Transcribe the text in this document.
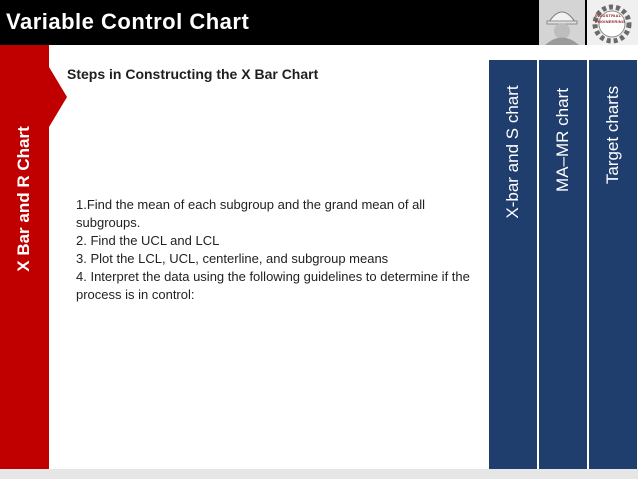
Variable Control Chart	INDUSTRIAL ENGINEERING
X Bar and R Chart
Steps in Constructing the X Bar Chart
1.Find the mean of each subgroup and the grand mean of all subgroups.
2. Find the UCL and LCL
3. Plot the LCL, UCL, centerline, and subgroup means
4. Interpret the data using the following guidelines to determine if the process is in control:
X-bar and S chart MA–MR chart Target charts
